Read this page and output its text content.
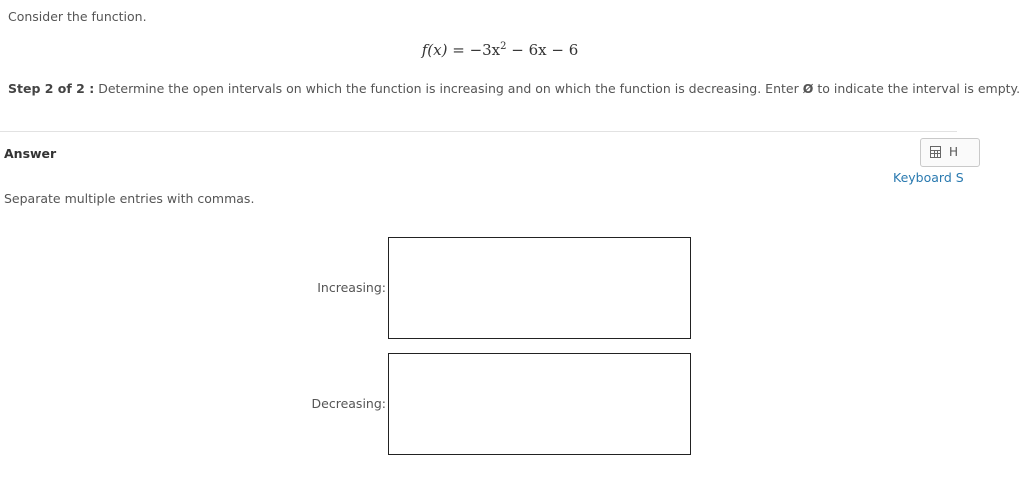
Consider the function.
$f(x) = -3x^2 - 6x - 6$
Step 2 of 2 : Determine the open intervals on which the function is increasing and on which the function is decreasing. Enter Ø to indicate the interval is empty.
Answer	H
Keyboard S
Separate multiple entries with commas.
Increasing:
Decreasing:
